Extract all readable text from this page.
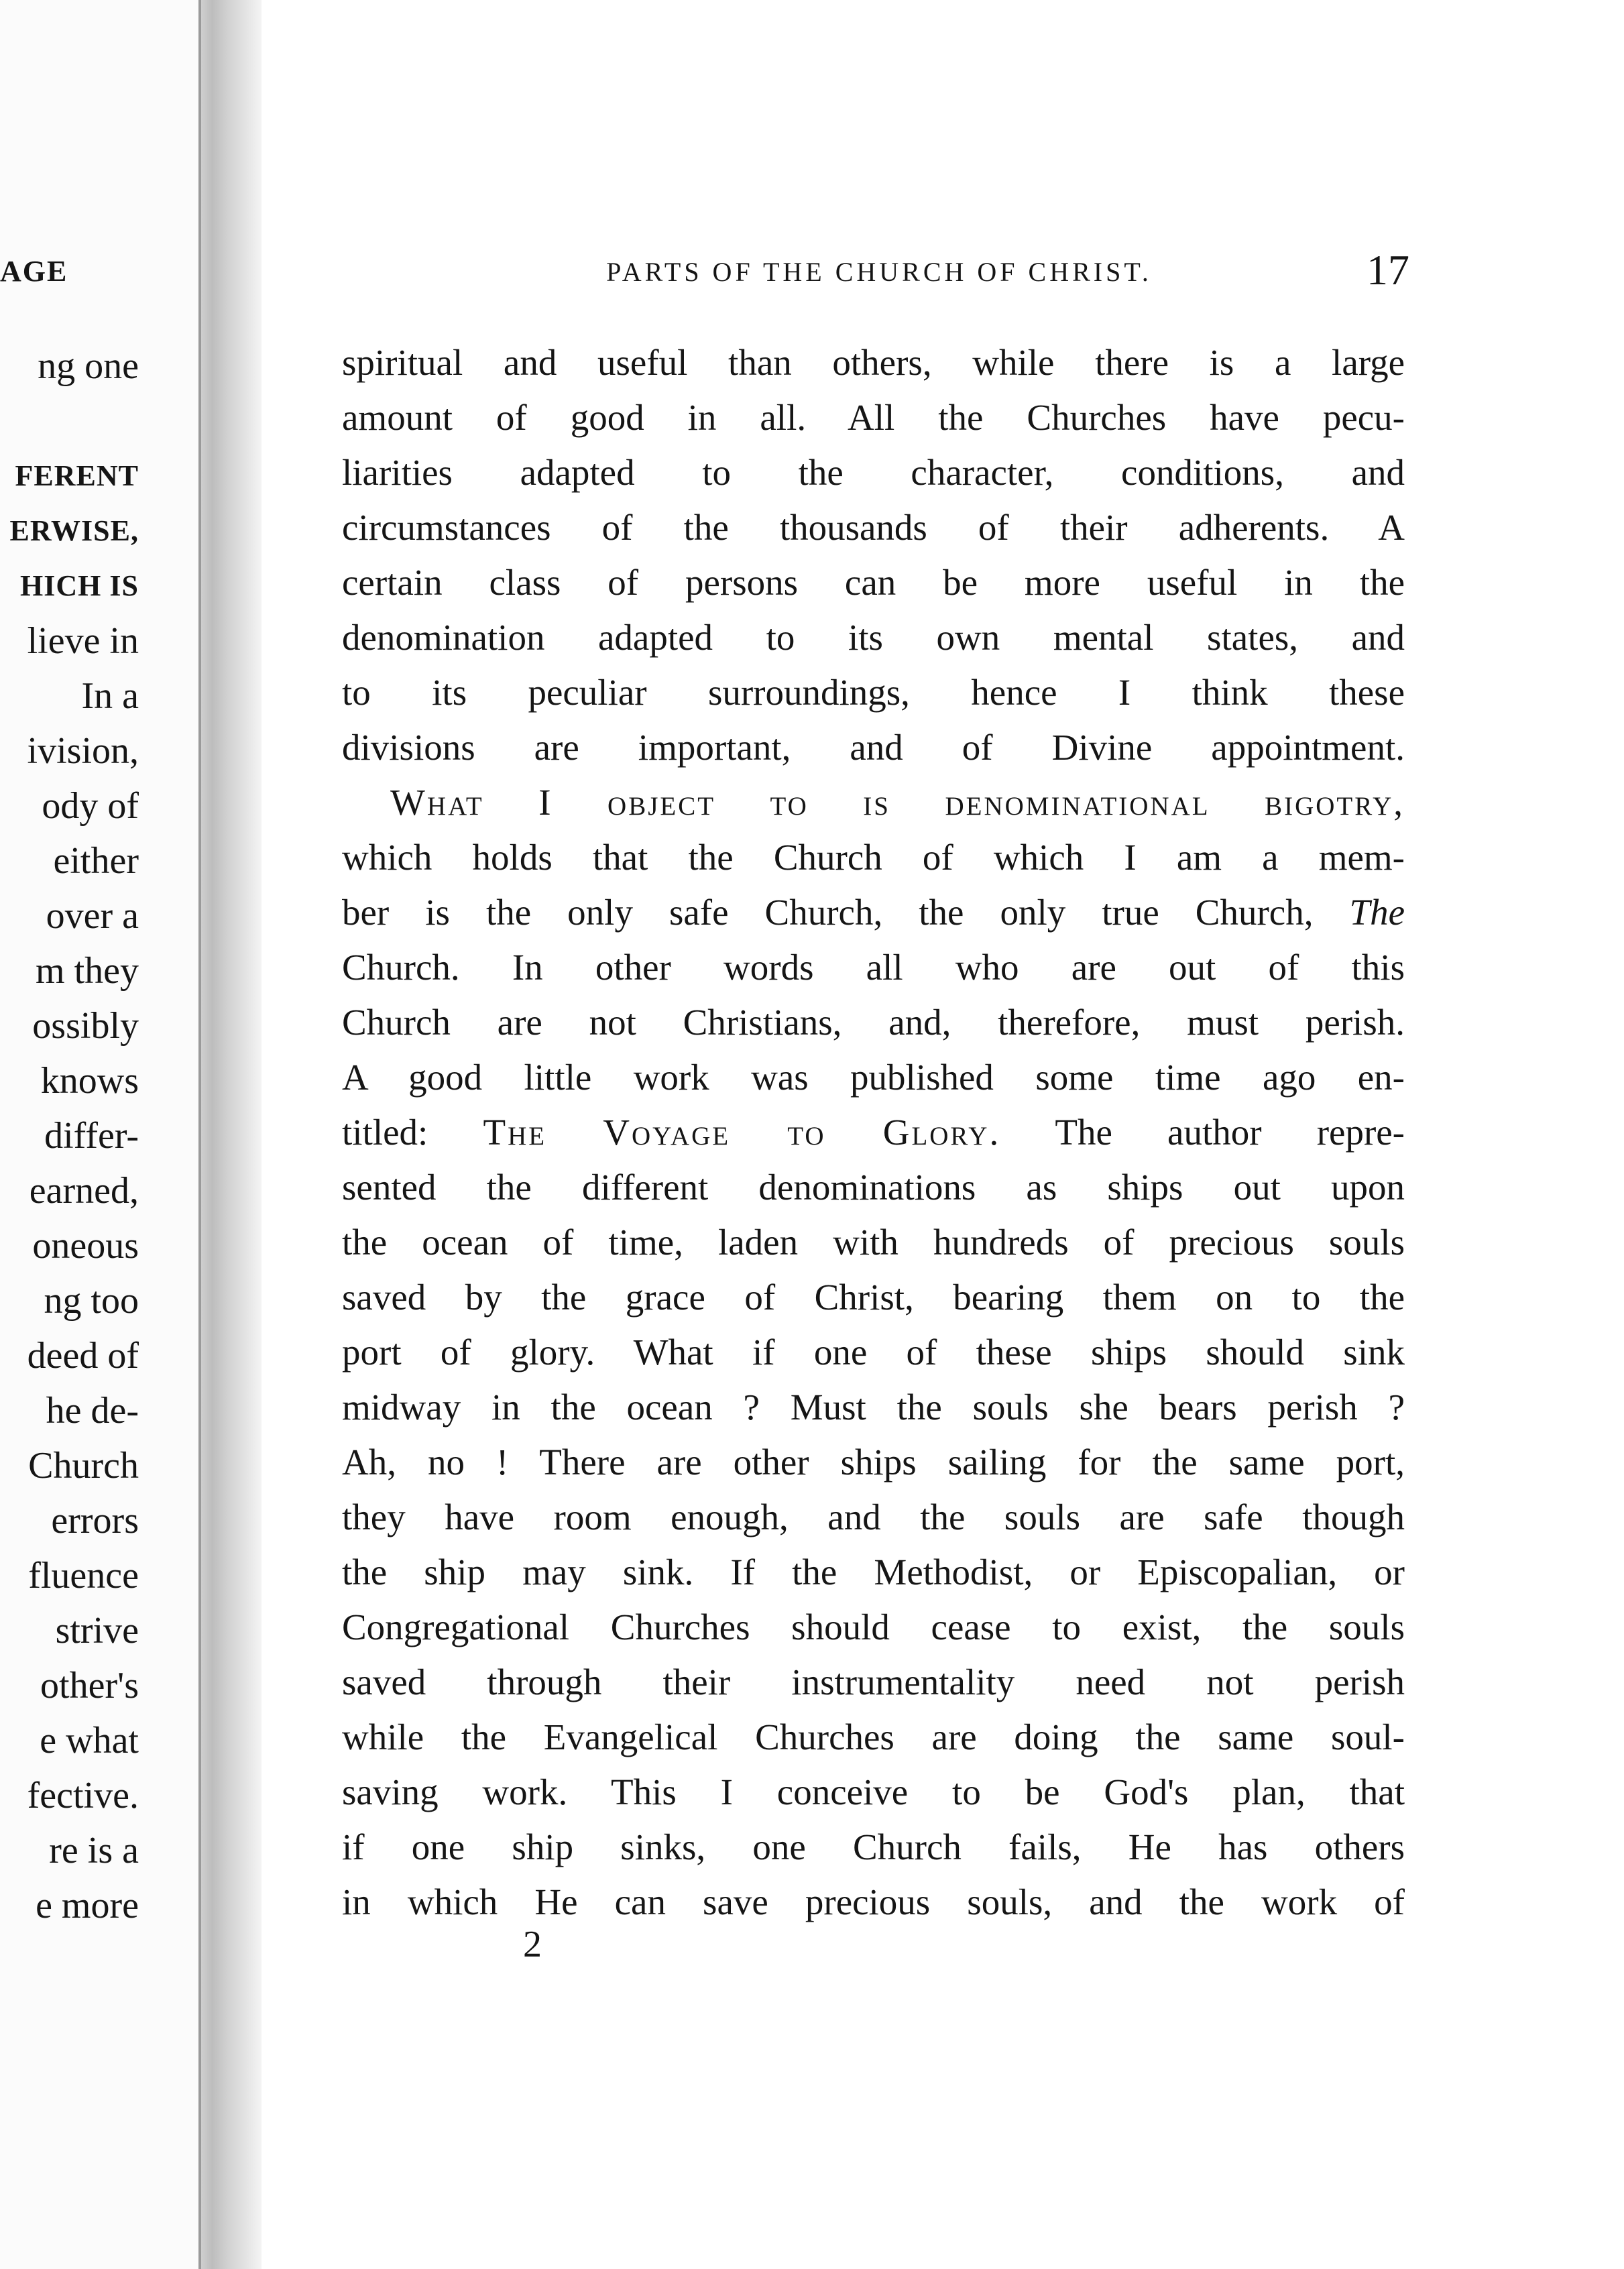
AGE
ng one
FERENT
ERWISE,
HICH IS
lieve in
In a
ivision,
ody of
either
over a
m they
ossibly
knows
differ-
earned,
oneous
ng too
deed of
he de-
Church
errors
fluence
strive
other's
e what
fective.
re is a
e more
PARTS OF THE CHURCH OF CHRIST.	17
spiritual and useful than others, while there is a large
amount of good in all. All the Churches have pecu-
liarities adapted to the character, conditions, and
circumstances of the thousands of their adherents. A
certain class of persons can be more useful in the
denomination adapted to its own mental states, and
to its peculiar surroundings, hence I think these
divisions are important, and of Divine appointment.
What I object to is denominational bigotry,
which holds that the Church of which I am a mem-
ber is the only safe Church, the only true Church, The
Church. In other words all who are out of this
Church are not Christians, and, therefore, must perish.
A good little work was published some time ago en-
titled: The Voyage to Glory. The author repre-
sented the different denominations as ships out upon
the ocean of time, laden with hundreds of precious souls
saved by the grace of Christ, bearing them on to the
port of glory. What if one of these ships should sink
midway in the ocean ? Must the souls she bears perish ?
Ah, no ! There are other ships sailing for the same port,
they have room enough, and the souls are safe though
the ship may sink. If the Methodist, or Episcopalian, or
Congregational Churches should cease to exist, the souls
saved through their instrumentality need not perish
while the Evangelical Churches are doing the same soul-
saving work. This I conceive to be God's plan, that
if one ship sinks, one Church fails, He has others
in which He can save precious souls, and the work of
2
